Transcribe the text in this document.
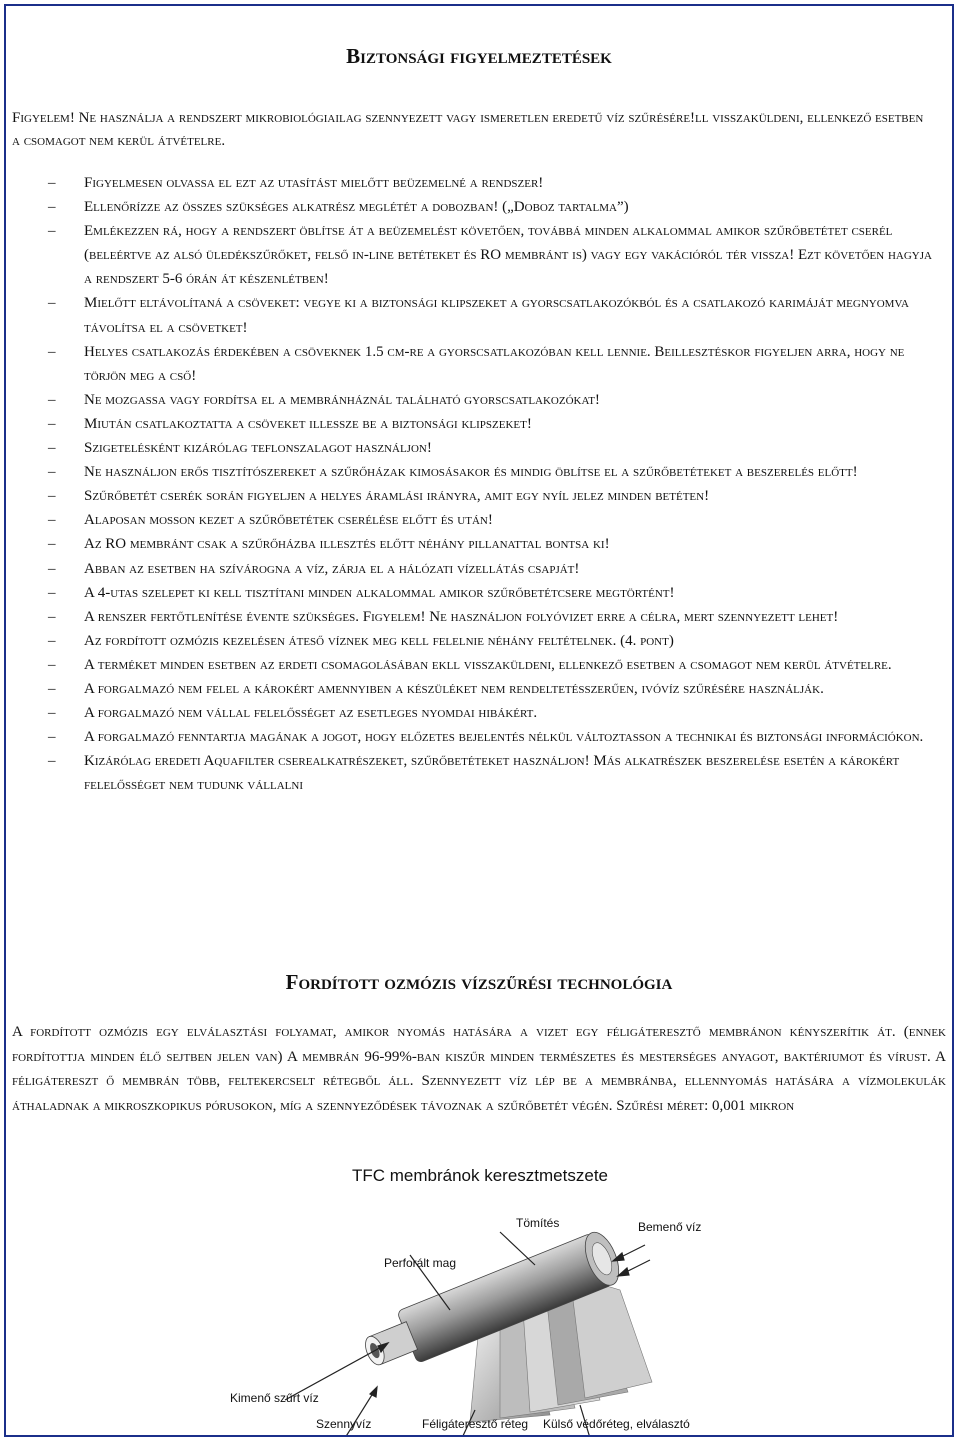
Biztonsági figyelmeztetések
Figyelem! Ne használja a rendszert mikrobiológiailag szennyezett vagy ismeretlen eredetű víz szűrésére!ll visszaküldeni, ellenkező esetben a csomagot nem kerül átvételre.
– Figyelmesen olvassa el ezt az utasítást mielőtt beüzemelné a rendszer!
– Ellenőrízze az összes szükséges alkatrész meglétét a dobozban! („Doboz tartalma”)
– Emlékezzen rá, hogy a rendszert öblítse át a beüzemelést követően, továbbá minden alkalommal amikor szűrőbetétet cserél (beleértve az alsó üledékszűrőket, felső in-line betéteket és RO membránt is) vagy egy vakációról tér vissza! Ezt követően hagyja a rendszert 5-6 órán át készenlétben!
– Mielőtt eltávolítaná a csöveket: vegye ki a biztonsági klipszeket a gyorscsatlakozókból és a csatlakozó karimáját megnyomva távolítsa el a csövetket!
– Helyes csatlakozás érdekében a csöveknek 1.5 cm-re a gyorscsatlakozóban kell lennie. Beillesztéskor figyeljen arra, hogy ne törjön meg a cső!
– Ne mozgassa vagy fordítsa el a membránháznál található gyorscsatlakozókat!
– Miután csatlakoztatta a csöveket illessze be a biztonsági klipszeket!
– Szigetelésként kizárólag teflonszalagot használjon!
– Ne használjon erős tisztítószereket a szűrőházak kimosásakor és mindig öblítse el a szűrőbetéteket a beszerelés előtt!
– Szűrőbetét cserék során figyeljen a helyes áramlási irányra, amit egy nyíl jelez minden betéten!
– Alaposan mosson kezet a szűrőbetétek cserélése előtt és után!
– Az RO membránt csak a szűrőházba illesztés előtt néhány pillanattal bontsa ki!
– Abban az esetben ha szívárogna a víz, zárja el a hálózati vízellátás csapját!
– A 4-utas szelepet ki kell tisztítani minden alkalommal amikor szűrőbetétcsere megtörtént!
– A renszer fertőtlenítése évente szükséges. Figyelem! Ne használjon folyóvizet erre a célra, mert szennyezett lehet!
– Az fordított ozmózis kezelésen áteső víznek meg kell felelnie néhány feltételnek. (4. pont)
– A terméket minden esetben az erdeti csomagolásában ekll visszaküldeni, ellenkező esetben a csomagot nem kerül átvételre.
– A forgalmazó nem felel a károkért amennyiben a készüléket nem rendeltetésszerűen, ivóvíz szűrésére használják.
– A forgalmazó nem vállal felelősséget az esetleges nyomdai hibákért.
– A forgalmazó fenntartja magának a jogot, hogy előzetes bejelentés nélkül változtasson a technikai és biztonsági információkon.
– Kizárólag eredeti Aquafilter cserealkatrészeket, szűrőbetéteket használjon! Más alkatrészek beszerelése esetén a károkért felelősséget nem tudunk vállalni
Fordított ozmózis vízszűrési technológia
A fordított ozmózis egy elválasztási folyamat, amikor nyomás hatására a vizet egy féligáteresztő membránon kényszerítik át. (ennek fordítottja minden élő sejtben jelen van) A membrán 96-99%-ban kiszűr minden természetes és mesterséges anyagot, baktériumot és vírust. A féligátereszt ő membrán több, feltekercselt rétegből áll. Szennyezett víz lép be a membránba, ellennyomás hatására a vízmolekulák áthaladnak a mikroszkopikus pórusokon, míg a szennyeződések távoznak a szűrőbetét végén. Szűrési méret: 0,001 mikron
TFC membránok keresztmetszete
Tömítés	Bemenő víz
Perforált mag
Kimenő szűrt víz
Szennyvíz	Féligáteresztő réteg Külső védőréteg, elválasztó
